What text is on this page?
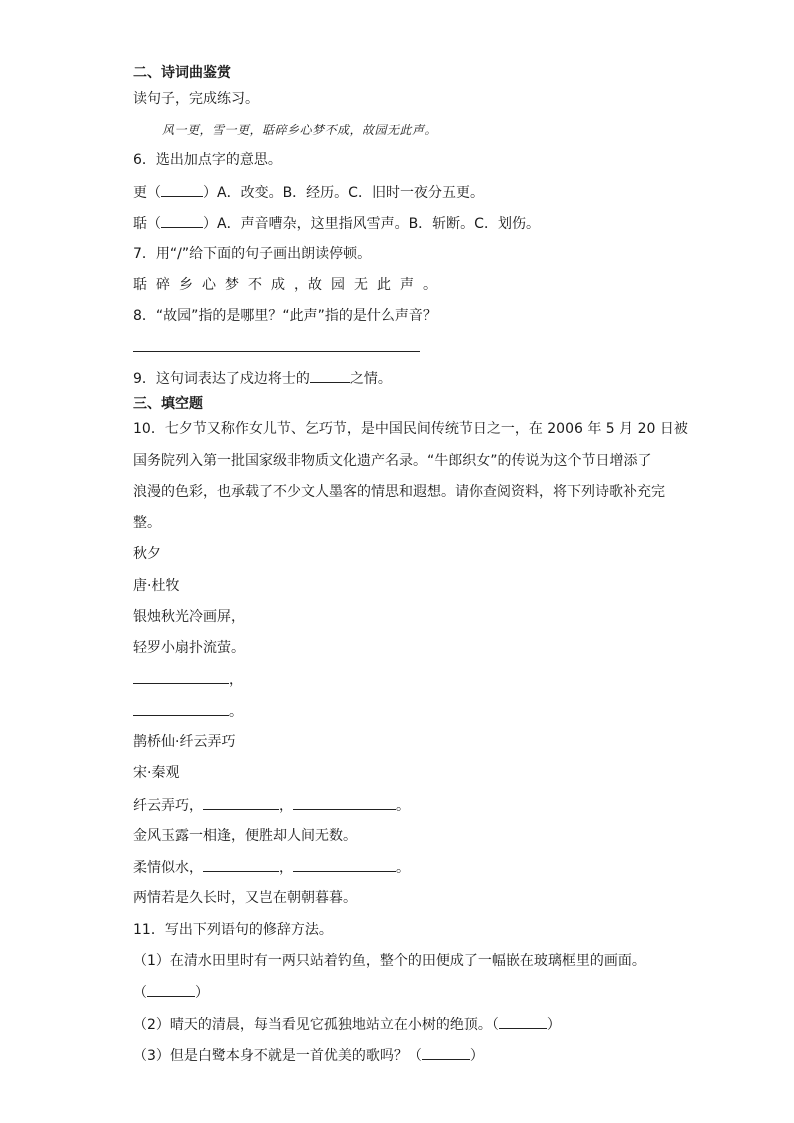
二、诗词曲鉴赏
读句子，完成练习。
风一更，雪一更，聒碎乡心梦不成，故园无此声。
6．选出加点字的意思。
更（	）A．改变。B．经历。C．旧时一夜分五更。
聒（	）A．声音嘈杂，这里指风雪声。B．斩断。C．划伤。
7．用“/”给下面的句子画出朗读停顿。
聒碎乡心梦不成，故园无此声。
8．“故园”指的是哪里？“此声”指的是什么声音？
9．这句词表达了戍边将士的	之情。
三、填空题
10．七夕节又称作女儿节、乞巧节，是中国民间传统节日之一，在 2006 年 5 月 20 日被
国务院列入第一批国家级非物质文化遗产名录。“牛郎织女”的传说为这个节日增添了
浪漫的色彩，也承载了不少文人墨客的情思和遐想。请你查阅资料，将下列诗歌补充完
整。
秋夕
唐·杜牧
银烛秋光冷画屏，
轻罗小扇扑流萤。
，
。
鹊桥仙·纤云弄巧
宋·秦观
纤云弄巧，	，	。
金风玉露一相逢，便胜却人间无数。
柔情似水，	，	。
两情若是久长时，又岂在朝朝暮暮。
11．写出下列语句的修辞方法。
（1）在清水田里时有一两只站着钓鱼，整个的田便成了一幅嵌在玻璃框里的画面。
（	）
（2）晴天的清晨，每当看见它孤独地站立在小树的绝顶。（	）
（3）但是白鹭本身不就是一首优美的歌吗？（	）
